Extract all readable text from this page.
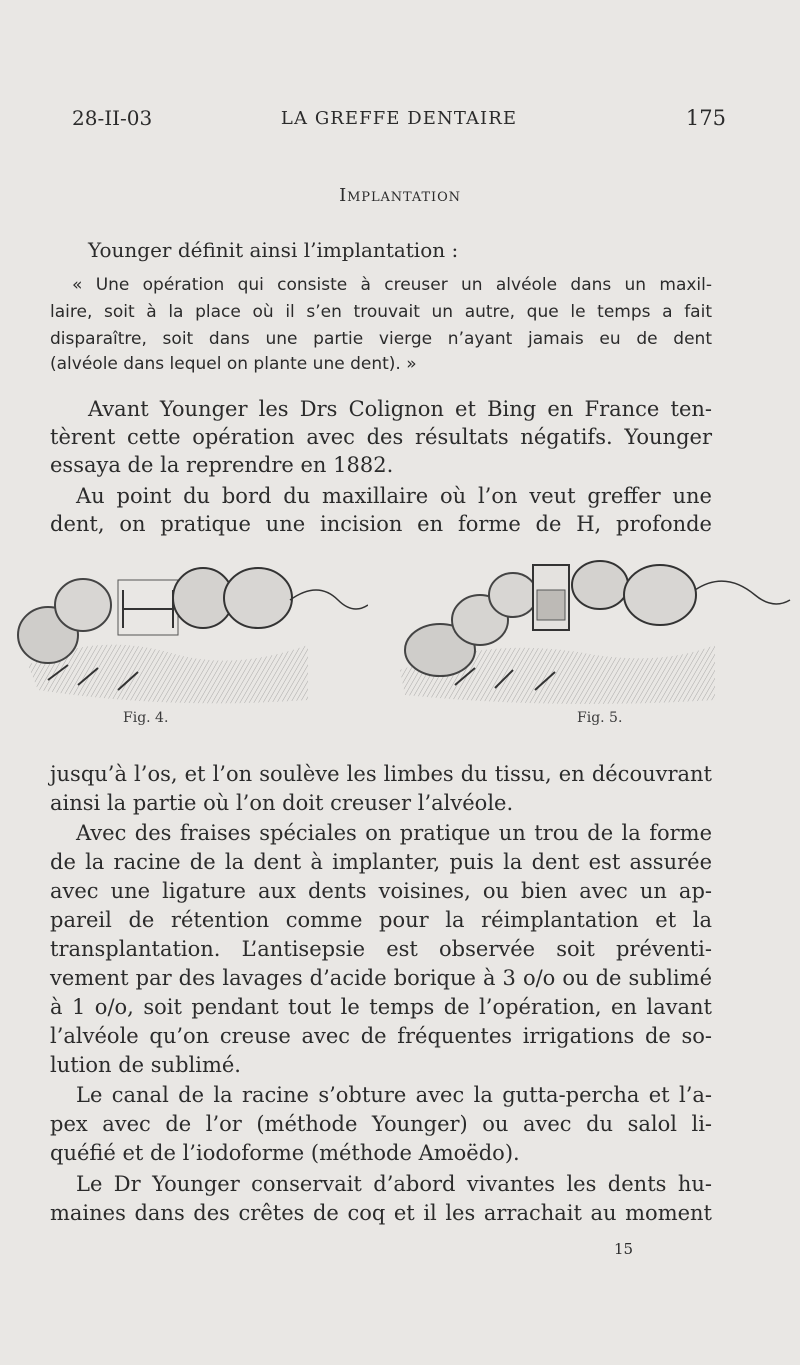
28-II-03	LA GREFFE DENTAIRE	175
Implantation
Younger définit ainsi l’implantation :
« Une opération qui consiste à creuser un alvéole dans un maxil-
laire, soit à la place où il s’en trouvait un autre, que le temps a fait
disparaître, soit dans une partie vierge n’ayant jamais eu de dent
(alvéole dans lequel on plante une dent). »
Avant Younger les Drs Colignon et Bing en France ten-
tèrent cette opération avec des résultats négatifs. Younger
essaya de la reprendre en 1882.
Au point du bord du maxillaire où l’on veut greffer une
dent, on pratique une incision en forme de H, profonde
Fig. 4.	Fig. 5.
jusqu’à l’os, et l’on soulève les limbes du tissu, en découvrant
ainsi la partie où l’on doit creuser l’alvéole.
Avec des fraises spéciales on pratique un trou de la forme
de la racine de la dent à implanter, puis la dent est assurée
avec une ligature aux dents voisines, ou bien avec un ap-
pareil de rétention comme pour la réimplantation et la
transplantation. L’antisepsie est observée soit préventi-
vement par des lavages d’acide borique à 3 o/o ou de sublimé
à 1 o/o, soit pendant tout le temps de l’opération, en lavant
l’alvéole qu’on creuse avec de fréquentes irrigations de so-
lution de sublimé.
Le canal de la racine s’obture avec la gutta-percha et l’a-
pex avec de l’or (méthode Younger) ou avec du salol li-
quéfié et de l’iodoforme (méthode Amoëdo).
Le Dr Younger conservait d’abord vivantes les dents hu-
maines dans des crêtes de coq et il les arrachait au moment
15
